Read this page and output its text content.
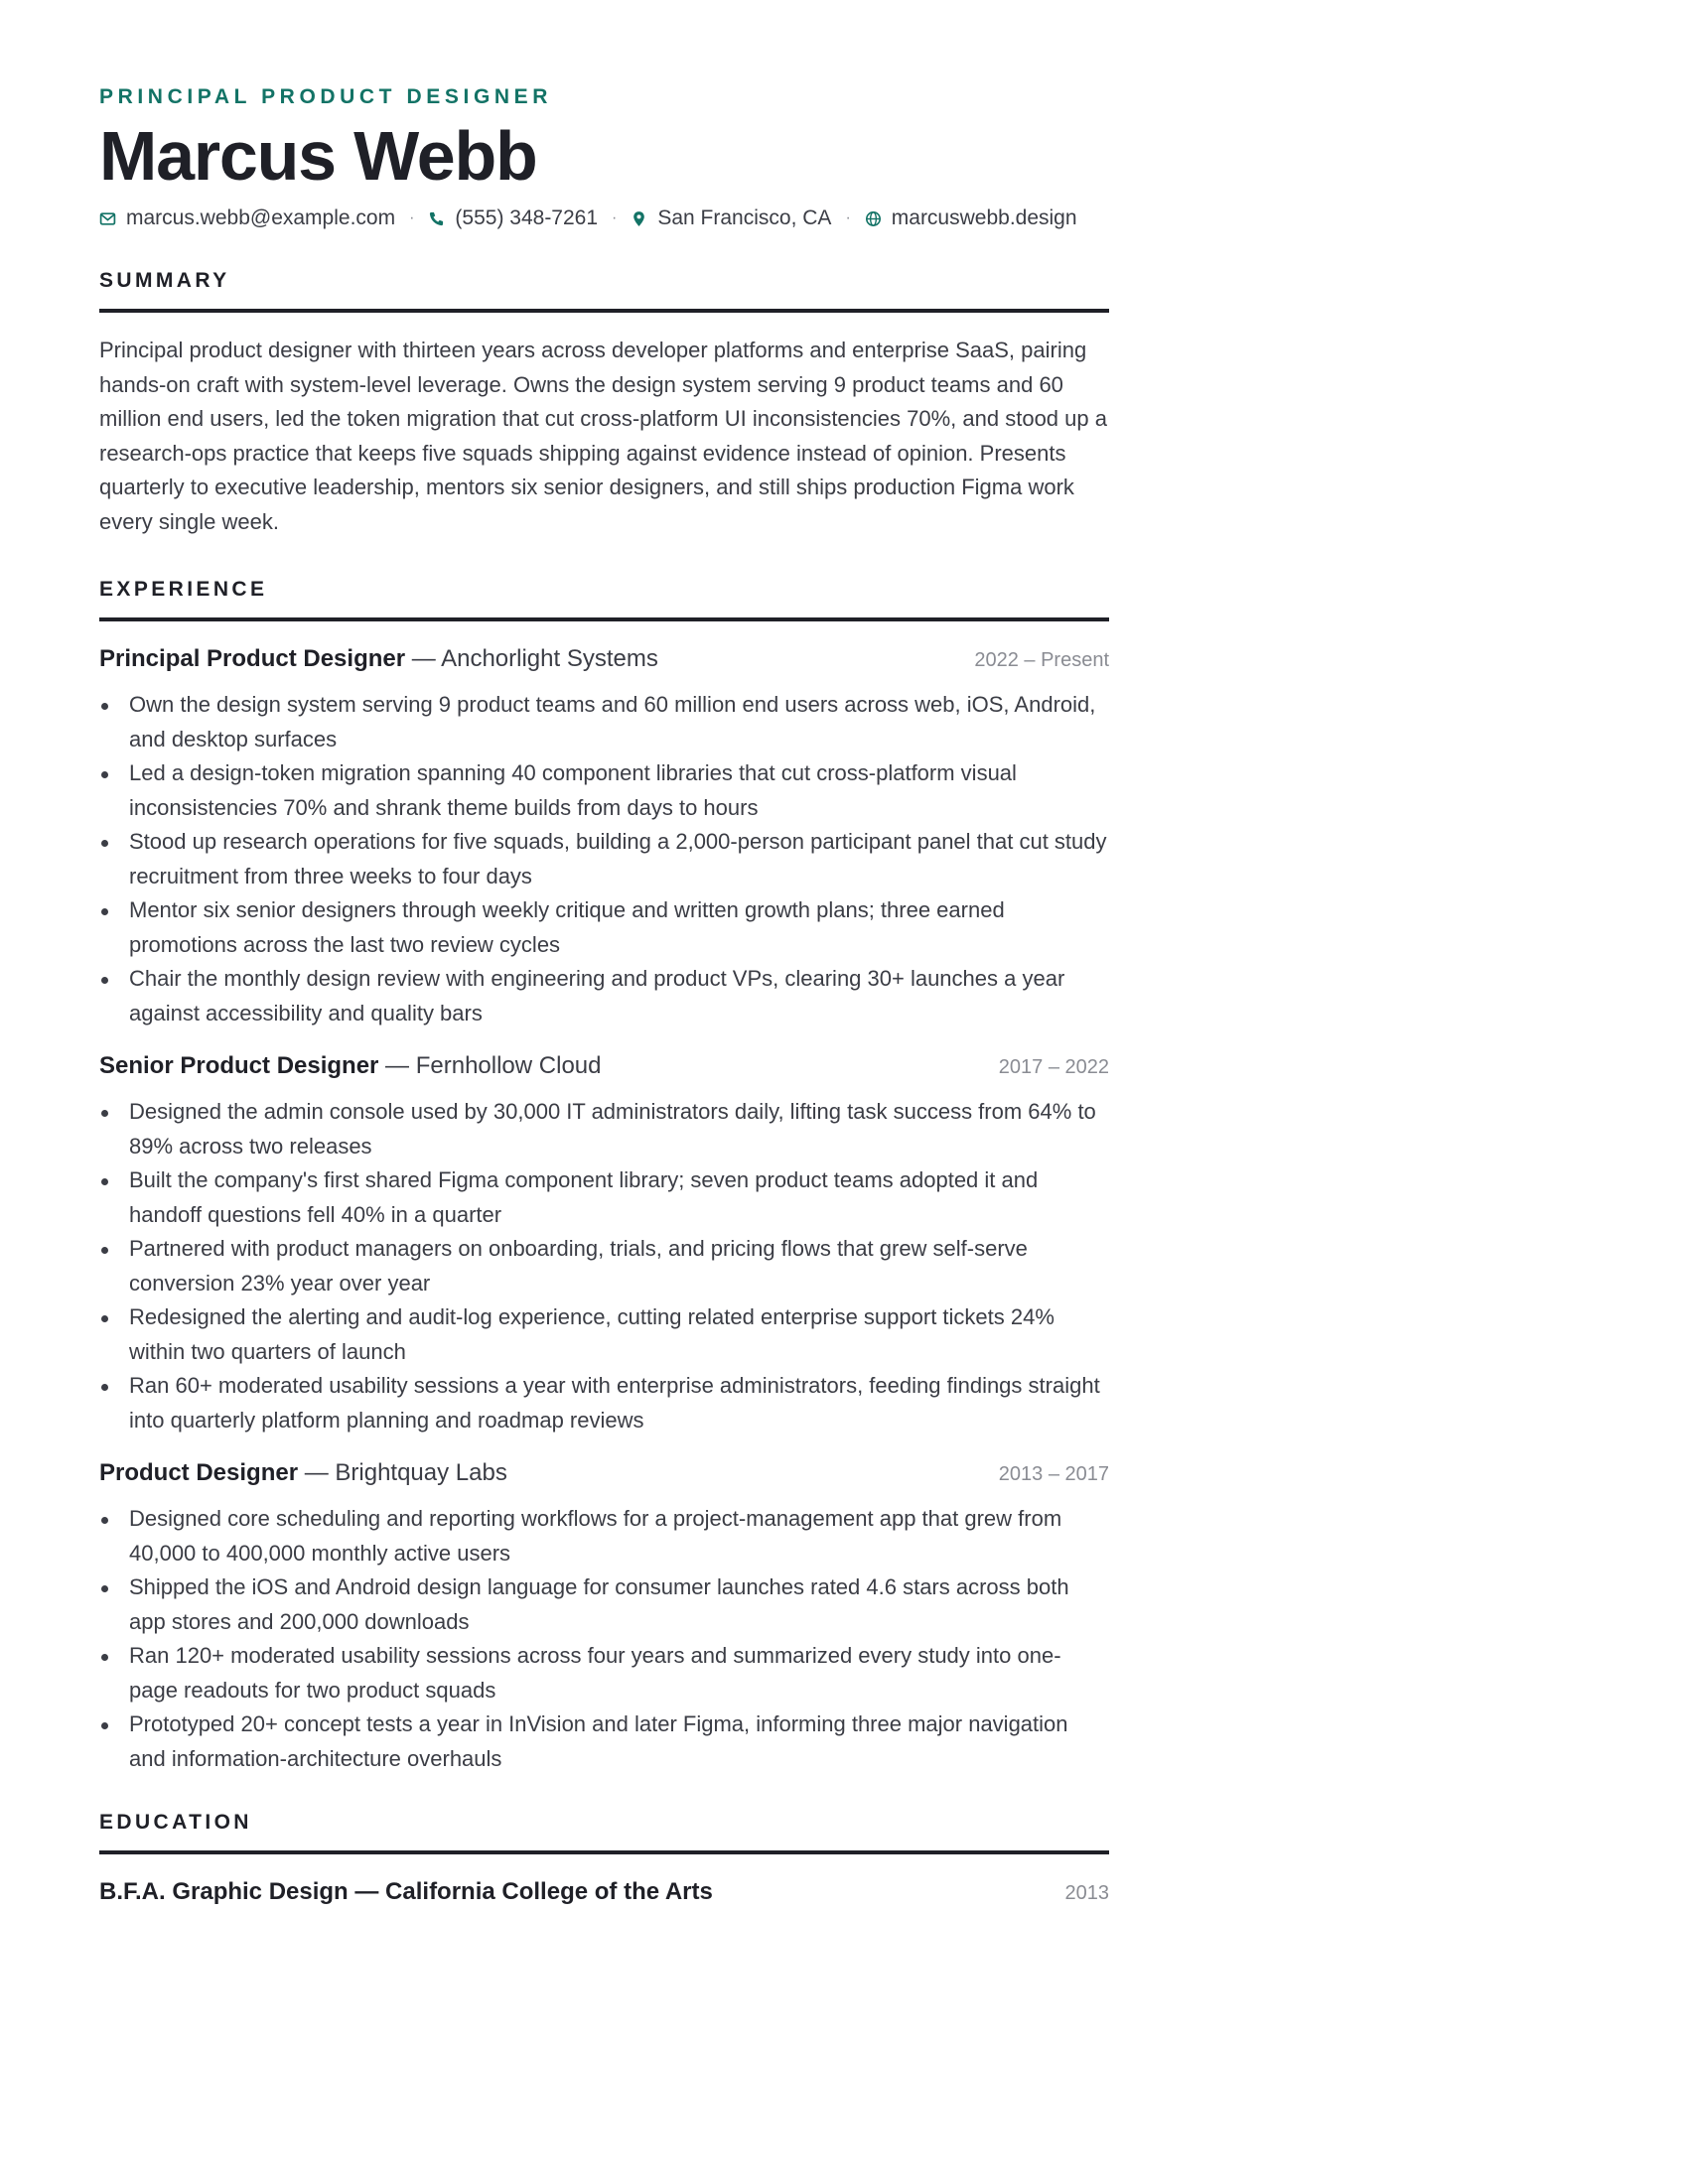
PRINCIPAL PRODUCT DESIGNER
Marcus Webb
marcus.webb@example.com · (555) 348-7261 · San Francisco, CA · marcuswebb.design
SUMMARY

Principal product designer with thirteen years across developer platforms and enterprise SaaS, pairing hands-on craft with system-level leverage. Owns the design system serving 9 product teams and 60 million end users, led the token migration that cut cross-platform UI inconsistencies 70%, and stood up a research-ops practice that keeps five squads shipping against evidence instead of opinion. Presents quarterly to executive leadership, mentors six senior designers, and still ships production Figma work every single week.

EXPERIENCE
Principal Product Designer — Anchorlight Systems	2022 – Present
Own the design system serving 9 product teams and 60 million end users across web, iOS, Android, and desktop surfaces
Led a design-token migration spanning 40 component libraries that cut cross-platform visual inconsistencies 70% and shrank theme builds from days to hours
Stood up research operations for five squads, building a 2,000-person participant panel that cut study recruitment from three weeks to four days
Mentor six senior designers through weekly critique and written growth plans; three earned promotions across the last two review cycles
Chair the monthly design review with engineering and product VPs, clearing 30+ launches a year against accessibility and quality bars
Senior Product Designer — Fernhollow Cloud	2017 – 2022
Designed the admin console used by 30,000 IT administrators daily, lifting task success from 64% to 89% across two releases
Built the company's first shared Figma component library; seven product teams adopted it and handoff questions fell 40% in a quarter
Partnered with product managers on onboarding, trials, and pricing flows that grew self-serve conversion 23% year over year
Redesigned the alerting and audit-log experience, cutting related enterprise support tickets 24% within two quarters of launch
Ran 60+ moderated usability sessions a year with enterprise administrators, feeding findings straight into quarterly platform planning and roadmap reviews
Product Designer — Brightquay Labs	2013 – 2017
Designed core scheduling and reporting workflows for a project-management app that grew from 40,000 to 400,000 monthly active users
Shipped the iOS and Android design language for consumer launches rated 4.6 stars across both app stores and 200,000 downloads
Ran 120+ moderated usability sessions across four years and summarized every study into one-page readouts for two product squads
Prototyped 20+ concept tests a year in InVision and later Figma, informing three major navigation and information-architecture overhauls
EDUCATION
B.F.A. Graphic Design — California College of the Arts	2013
